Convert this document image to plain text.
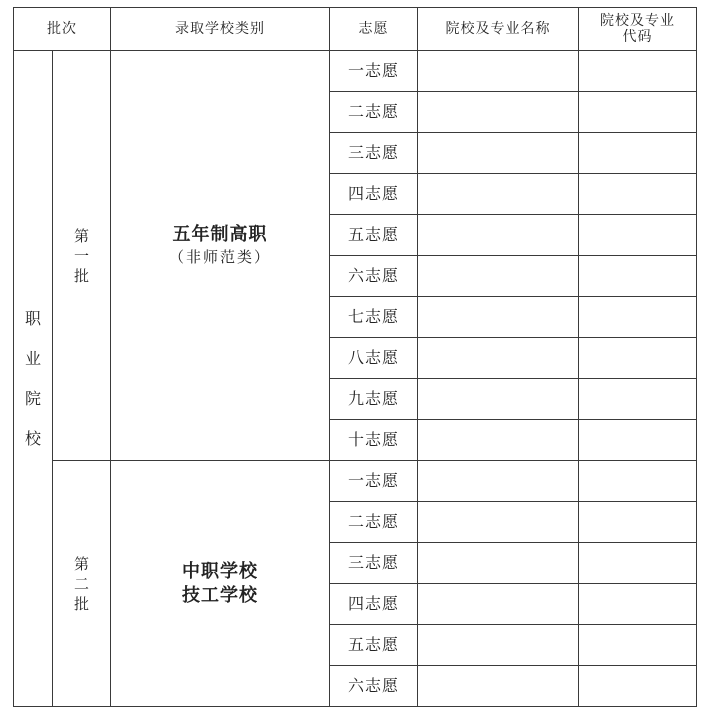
批次		录取学校类别	志愿	院校及专业名称	院校及专业
代码

职
业
院
校	第
一
批	五年制高职
（非师范类）	一志愿		
			二志愿		
			三志愿		
			四志愿		
			五志愿		
			六志愿		
			七志愿		
			八志愿		
			九志愿		
			十志愿		

	第
二
批	中职学校
技工学校	一志愿		
			二志愿		
			三志愿		
			四志愿		
			五志愿		
			六志愿		
